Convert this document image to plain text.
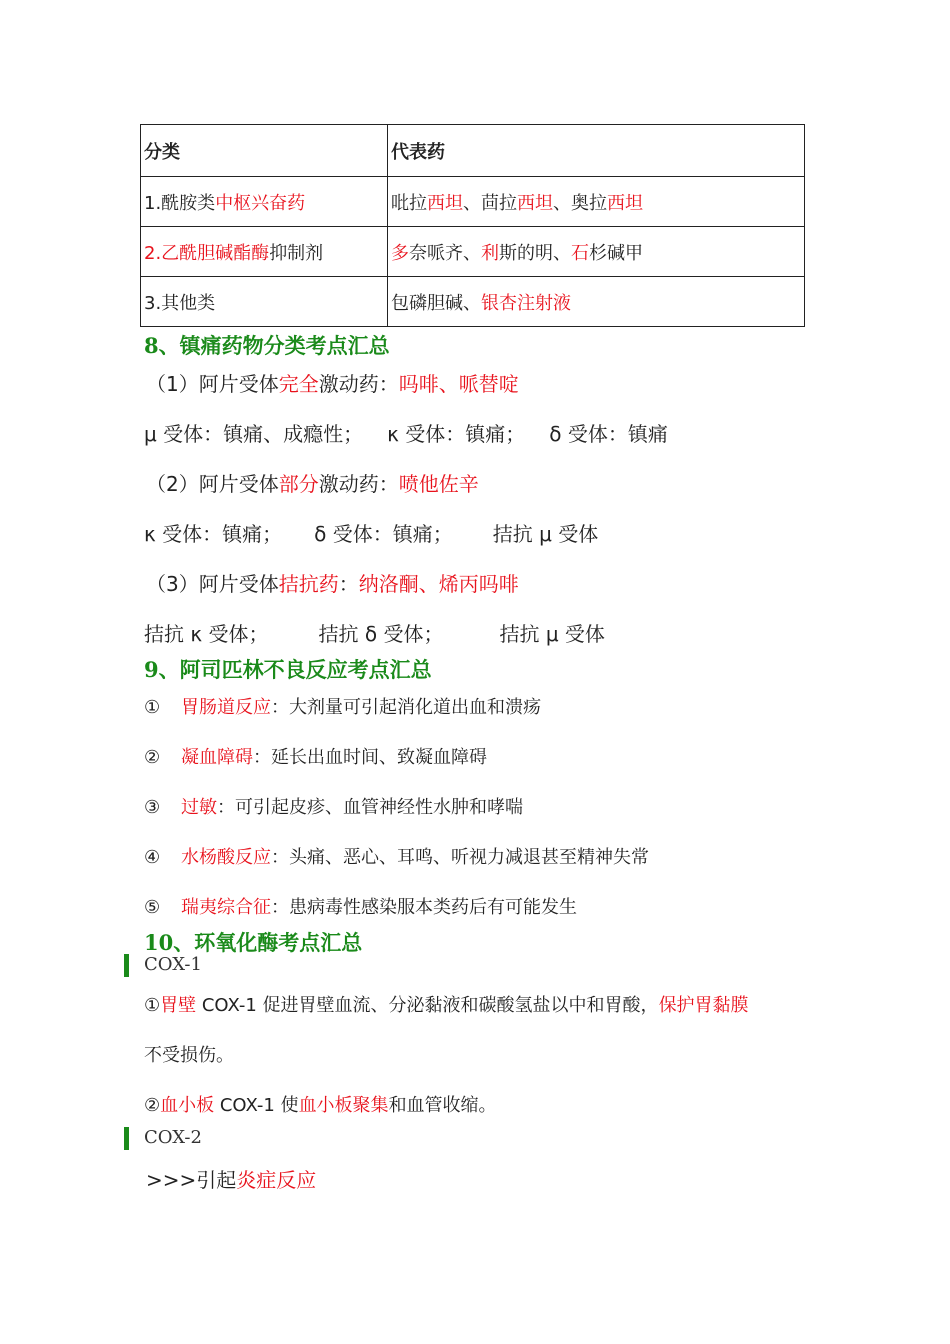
分类	代表药
1.酰胺类中枢兴奋药	吡拉西坦、茴拉西坦、奥拉西坦
2.乙酰胆碱酯酶抑制剂	多奈哌齐、利斯的明、石杉碱甲
3.其他类	包磷胆碱、银杏注射液
8、镇痛药物分类考点汇总
（1）阿片受体完全激动药：吗啡、哌替啶
μ 受体：镇痛、成瘾性； κ 受体：镇痛； δ 受体：镇痛
（2）阿片受体部分激动药：喷他佐辛
κ 受体：镇痛； δ 受体：镇痛； 拮抗 μ 受体
（3）阿片受体拮抗药：纳洛酮、烯丙吗啡
拮抗 κ 受体；	拮抗 δ 受体；	拮抗 μ 受体
9、阿司匹林不良反应考点汇总
① 胃肠道反应：大剂量可引起消化道出血和溃疡
② 凝血障碍：延长出血时间、致凝血障碍
③ 过敏：可引起皮疹、血管神经性水肿和哮喘
④ 水杨酸反应：头痛、恶心、耳鸣、听视力减退甚至精神失常
⑤ 瑞夷综合征：患病毒性感染服本类药后有可能发生
10、环氧化酶考点汇总
COX-1
①胃壁 COX-1 促进胃壁血流、分泌黏液和碳酸氢盐以中和胃酸，保护胃黏膜
不受损伤。
②血小板 COX-1 使血小板聚集和血管收缩。
COX-2
>>>引起炎症反应
